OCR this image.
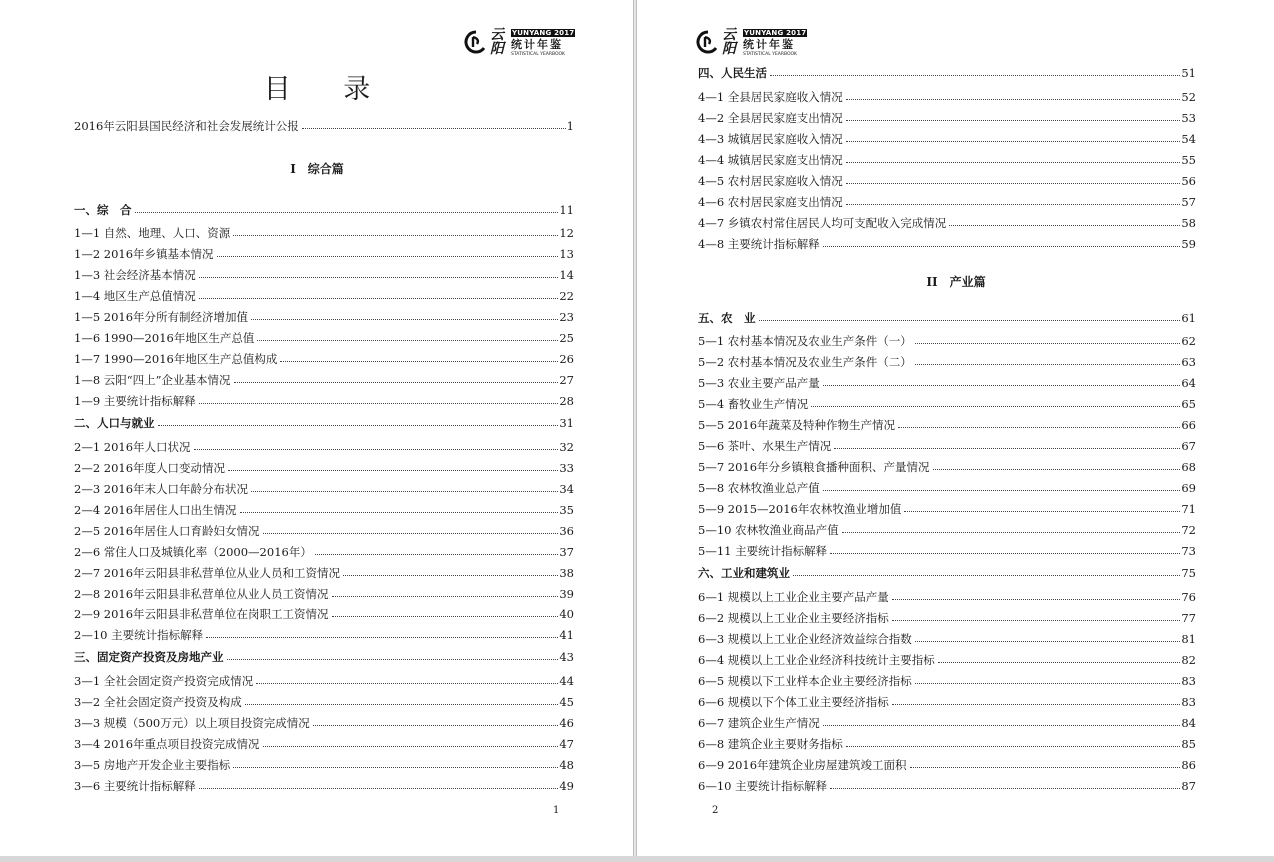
云阳
YUNYANG 2017
统计年鉴
STATISTICAL YEARBOOK
目 录
I　综合篇
2016年云阳县国民经济和社会发展统计公报	1
一、综　合	11
1—1 自然、地理、人口、资源	12
1—2 2016年乡镇基本情况	13
1—3 社会经济基本情况	14
1—4 地区生产总值情况	22
1—5 2016年分所有制经济增加值	23
1—6 1990—2016年地区生产总值	25
1—7 1990—2016年地区生产总值构成	26
1—8 云阳“四上”企业基本情况	27
1—9 主要统计指标解释	28
二、人口与就业	31
2—1 2016年人口状况	32
2—2 2016年度人口变动情况	33
2—3 2016年末人口年龄分布状况	34
2—4 2016年居住人口出生情况	35
2—5 2016年居住人口育龄妇女情况	36
2—6 常住人口及城镇化率（2000—2016年）	37
2—7 2016年云阳县非私营单位从业人员和工资情况	38
2—8 2016年云阳县非私营单位从业人员工资情况	39
2—9 2016年云阳县非私营单位在岗职工工资情况	40
2—10 主要统计指标解释	41
三、固定资产投资及房地产业	43
3—1 全社会固定资产投资完成情况	44
3—2 全社会固定资产投资及构成	45
3—3 规模（500万元）以上项目投资完成情况	46
3—4 2016年重点项目投资完成情况	47
3—5 房地产开发企业主要指标	48
3—6 主要统计指标解释	49
1
云阳
YUNYANG 2017
统计年鉴
STATISTICAL YEARBOOK
II　产业篇
四、人民生活	51
4—1 全县居民家庭收入情况	52
4—2 全县居民家庭支出情况	53
4—3 城镇居民家庭收入情况	54
4—4 城镇居民家庭支出情况	55
4—5 农村居民家庭收入情况	56
4—6 农村居民家庭支出情况	57
4—7 乡镇农村常住居民人均可支配收入完成情况	58
4—8 主要统计指标解释	59
五、农　业	61
5—1 农村基本情况及农业生产条件（一）	62
5—2 农村基本情况及农业生产条件（二）	63
5—3 农业主要产品产量	64
5—4 畜牧业生产情况	65
5—5 2016年蔬菜及特种作物生产情况	66
5—6 茶叶、水果生产情况	67
5—7 2016年分乡镇粮食播种面积、产量情况	68
5—8 农林牧渔业总产值	69
5—9 2015—2016年农林牧渔业增加值	71
5—10 农林牧渔业商品产值	72
5—11 主要统计指标解释	73
六、工业和建筑业	75
6—1 规模以上工业企业主要产品产量	76
6—2 规模以上工业企业主要经济指标	77
6—3 规模以上工业企业经济效益综合指数	81
6—4 规模以上工业企业经济科技统计主要指标	82
6—5 规模以下工业样本企业主要经济指标	83
6—6 规模以下个体工业主要经济指标	83
6—7 建筑企业生产情况	84
6—8 建筑企业主要财务指标	85
6—9 2016年建筑企业房屋建筑竣工面积	86
6—10 主要统计指标解释	87
2
